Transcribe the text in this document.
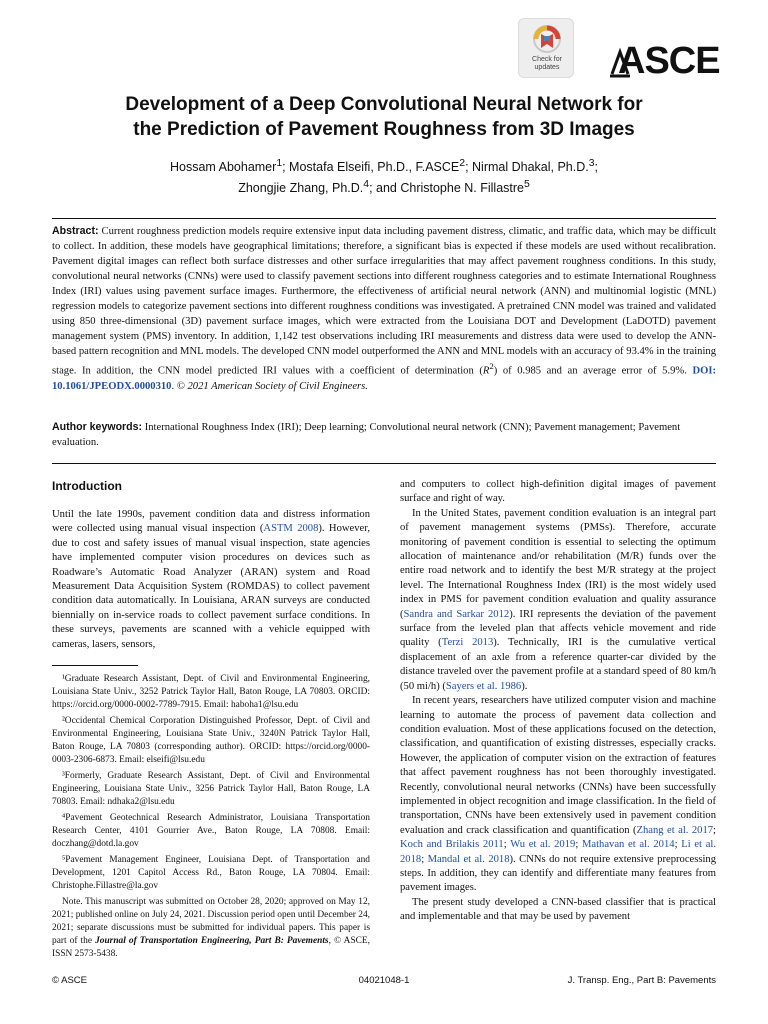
Check for
updates	ASCE
Development of a Deep Convolutional Neural Network for
the Prediction of Pavement Roughness from 3D Images
Hossam Abohamer$^1$; Mostafa Elseifi, Ph.D., F.ASCE$^2$; Nirmal Dhakal, Ph.D.$^3$;
Zhongjie Zhang, Ph.D.$^4$; and Christophe N. Fillastre$^5$
Abstract: Current roughness prediction models require extensive input data including pavement distress, climatic, and traffic data, which may be difficult to collect. In addition, these models have geographical limitations; therefore, a significant bias is expected if these models are used without recalibration. Pavement digital images can reflect both surface distresses and other surface irregularities that may affect pavement roughness conditions. In this study, convolutional neural networks (CNNs) were used to classify pavement sections into different roughness categories and to estimate International Roughness Index (IRI) values using pavement surface images. Furthermore, the effectiveness of artificial neural network (ANN) and multinomial logistic (MNL) regression models to categorize pavement sections into different roughness conditions was investigated. A pretrained CNN model was trained and validated using 850 three-dimensional (3D) pavement surface images, which were extracted from the Louisiana DOT and Development (LaDOTD) pavement management system (PMS) inventory. In addition, 1,142 test observations including IRI measurements and distress data were used to develop the ANN-based pattern recognition and MNL models. The developed CNN model outperformed the ANN and MNL models with an accuracy of 93.4% in the training stage. In addition, the CNN model predicted IRI values with a coefficient of determination $(R^2)$ of 0.985 and an average error of 5.9%. DOI: 10.1061/JPEODX.0000310. © 2021 American Society of Civil Engineers.
Author keywords: International Roughness Index (IRI); Deep learning; Convolutional neural network (CNN); Pavement management; Pavement evaluation.
Introduction

Until the late 1990s, pavement condition data and distress information were collected using manual visual inspection (ASTM 2008). However, due to cost and safety issues of manual visual inspection, state agencies have implemented computer vision procedures on devices such as Roadware’s Automatic Road Analyzer (ARAN) system and Road Measurement Data Acquisition System (ROMDAS) to collect pavement condition data automatically. In Louisiana, ARAN surveys are conducted biennially on in-service roads to collect pavement surface conditions. In these surveys, pavements are scanned with a vehicle equipped with cameras, lasers, sensors,

¹Graduate Research Assistant, Dept. of Civil and Environmental Engineering, Louisiana State Univ., 3252 Patrick Taylor Hall, Baton Rouge, LA 70803. ORCID: https://orcid.org/0000-0002-7789-7915. Email: haboha1@lsu.edu

²Occidental Chemical Corporation Distinguished Professor, Dept. of Civil and Environmental Engineering, Louisiana State Univ., 3240N Patrick Taylor Hall, Baton Rouge, LA 70803 (corresponding author). ORCID: https://orcid.org/0000-0003-2306-6873. Email: elseifi@lsu.edu

³Formerly, Graduate Research Assistant, Dept. of Civil and Environmental Engineering, Louisiana State Univ., 3256 Patrick Taylor Hall, Baton Rouge, LA 70803. Email: ndhaka2@lsu.edu

⁴Pavement Geotechnical Research Administrator, Louisiana Transportation Research Center, 4101 Gourrier Ave., Baton Rouge, LA 70808. Email: doczhang@dotd.la.gov

⁵Pavement Management Engineer, Louisiana Dept. of Transportation and Development, 1201 Capitol Access Rd., Baton Rouge, LA 70804. Email: Christophe.Fillastre@la.gov

Note. This manuscript was submitted on October 28, 2020; approved on May 12, 2021; published online on July 24, 2021. Discussion period open until December 24, 2021; separate discussions must be submitted for individual papers. This paper is part of the Journal of Transportation Engineering, Part B: Pavements, © ASCE, ISSN 2573-5438.

and computers to collect high-definition digital images of pavement surface and right of way.

In the United States, pavement condition evaluation is an integral part of pavement management systems (PMSs). Therefore, accurate monitoring of pavement condition is essential to selecting the optimum allocation of maintenance and/or rehabilitation (M/R) funds over the entire road network and to identify the best M/R strategy at the project level. The International Roughness Index (IRI) is the most widely used index in PMS for pavement condition evaluation and quality assurance (Sandra and Sarkar 2012). IRI represents the deviation of the pavement surface from the leveled plan that affects vehicle movement and ride quality (Terzi 2013). Technically, IRI is the cumulative vertical displacement of an axle from a reference quarter-car divided by the distance traveled over the pavement profile at a standard speed of 80 km/h (50 mi/h) (Sayers et al. 1986).

In recent years, researchers have utilized computer vision and machine learning to automate the process of pavement data collection and condition evaluation. Most of these applications focused on the detection, classification, and quantification of existing distresses, especially cracks. However, the application of computer vision on the extraction of features that affect pavement roughness has not been thoroughly investigated. Recently, convolutional neural networks (CNNs) have been successfully implemented in object recognition and image classification. In the field of transportation, CNNs have been extensively used in pavement condition evaluation and crack classification and quantification (Zhang et al. 2017; Koch and Brilakis 2011; Wu et al. 2019; Mathavan et al. 2014; Li et al. 2018; Mandal et al. 2018). CNNs do not require extensive preprocessing steps. In addition, they can identify and differentiate many features from pavement images.

The present study developed a CNN-based classifier that is practical and implementable and that may be used by pavement

04021048-1
© ASCE	J. Transp. Eng., Part B: Pavements
